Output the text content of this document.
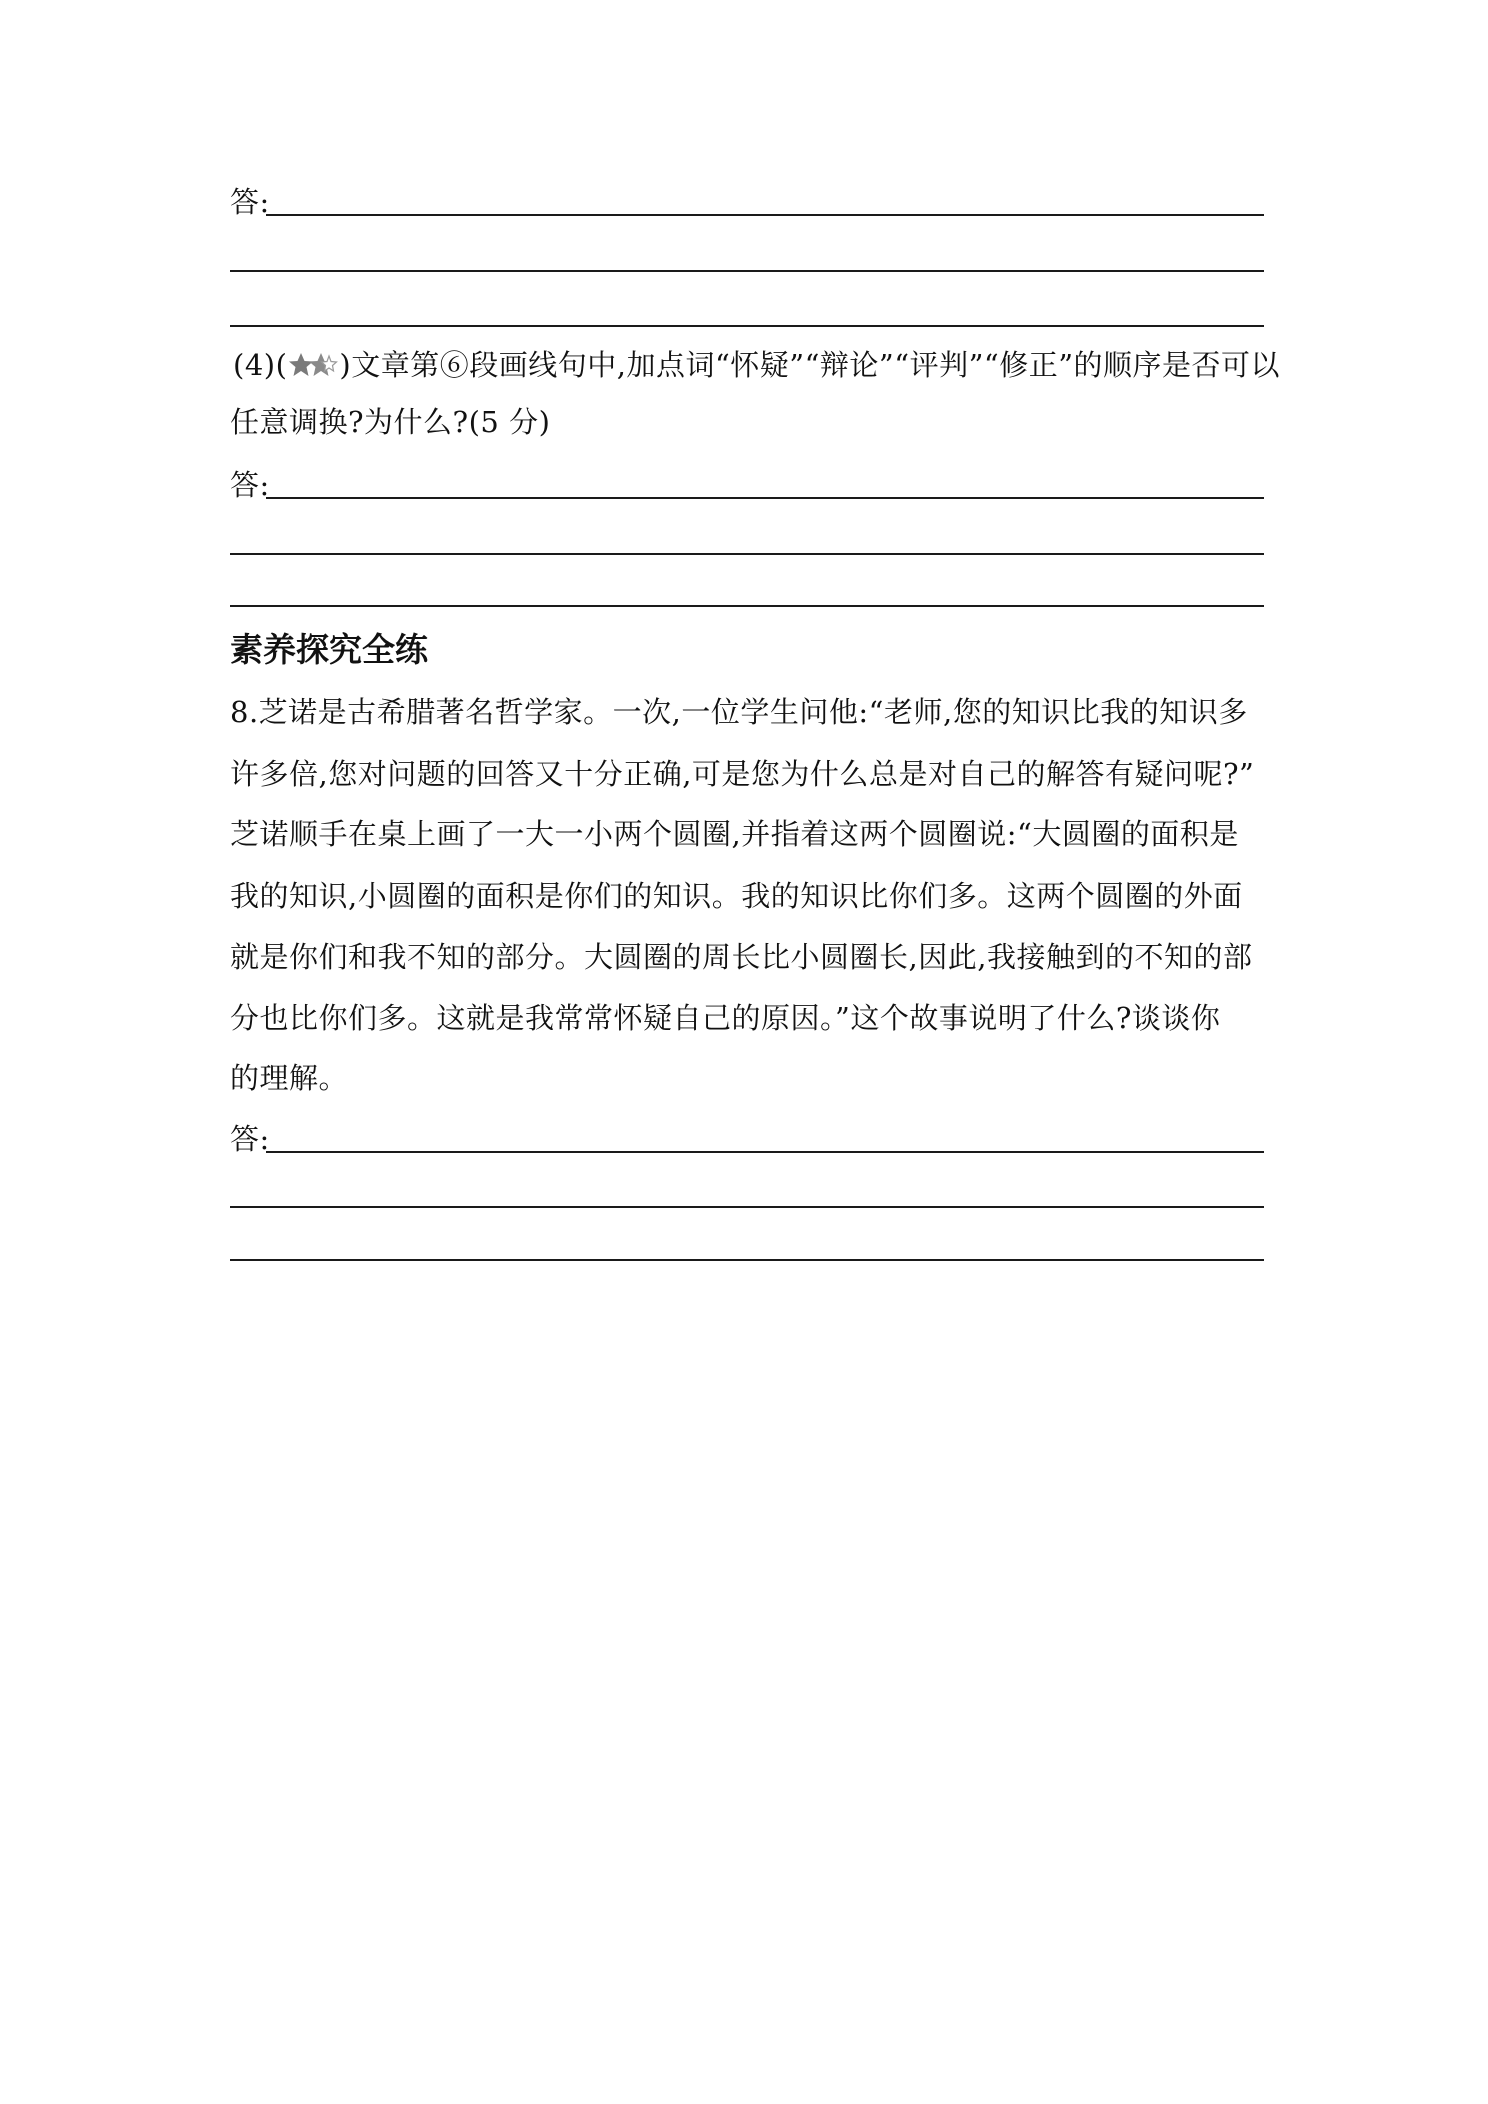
答:
(4)( )文章第⑥段画线句中,加点词“怀疑”“辩论”“评判”“修正”的顺序是否可以
任意调换?为什么?(5 分)
答:
素养探究全练
8.芝诺是古希腊著名哲学家。一次,一位学生问他:“老师,您的知识比我的知识多
许多倍,您对问题的回答又十分正确,可是您为什么总是对自己的解答有疑问呢?”
芝诺顺手在桌上画了一大一小两个圆圈,并指着这两个圆圈说:“大圆圈的面积是
我的知识,小圆圈的面积是你们的知识。我的知识比你们多。这两个圆圈的外面
就是你们和我不知的部分。大圆圈的周长比小圆圈长,因此,我接触到的不知的部
分也比你们多。这就是我常常怀疑自己的原因。”这个故事说明了什么?谈谈你
的理解。
答:
